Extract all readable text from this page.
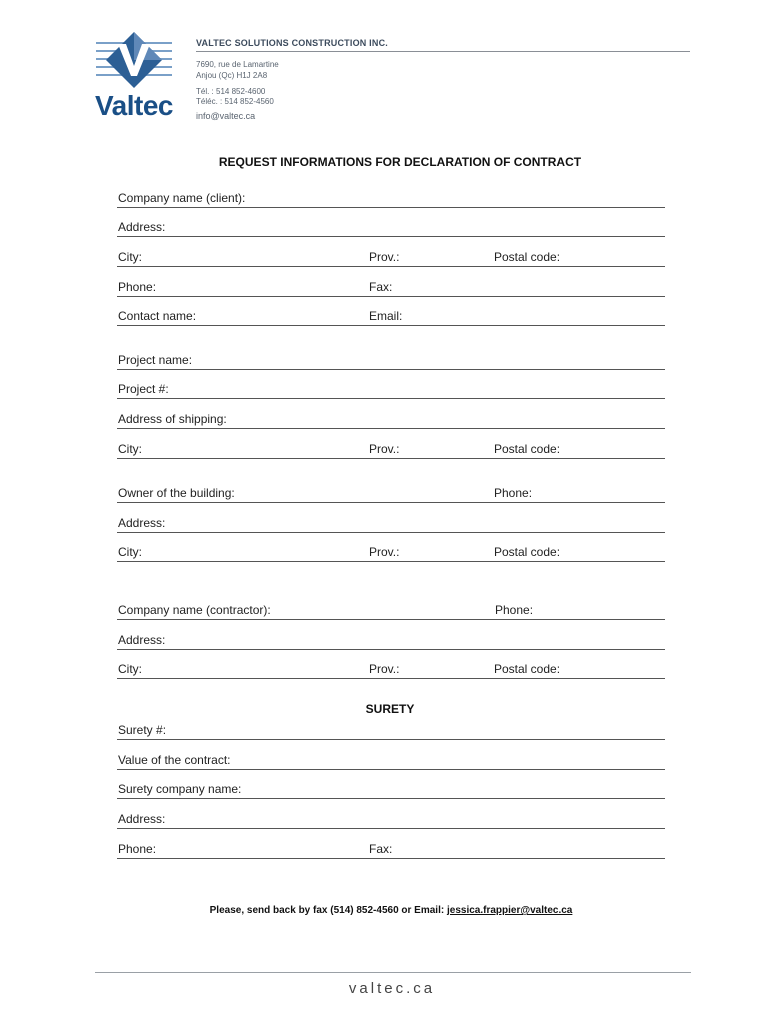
Valtec
VALTEC SOLUTIONS CONSTRUCTION INC.
7690, rue de Lamartine
Anjou (Qc) H1J 2A8
Tél. : 514 852-4600
Téléc. : 514 852-4560
info@valtec.ca
REQUEST INFORMATIONS FOR DECLARATION OF CONTRACT
Company name (client):
Address:
City:	Prov.:	Postal code:
Phone:	Fax:
Contact name:	Email:
Project name:
Project #:
Address of shipping:
City:	Prov.:	Postal code:
Owner of the building:	Phone:
Address:
City:	Prov.:	Postal code:
Company name (contractor):	Phone:
Address:
City:	Prov.:	Postal code:
SURETY
Surety #:
Value of the contract:
Surety company name:
Address:
Phone:	Fax:
Please, send back by fax (514) 852-4560 or Email: jessica.frappier@valtec.ca
valtec.ca
